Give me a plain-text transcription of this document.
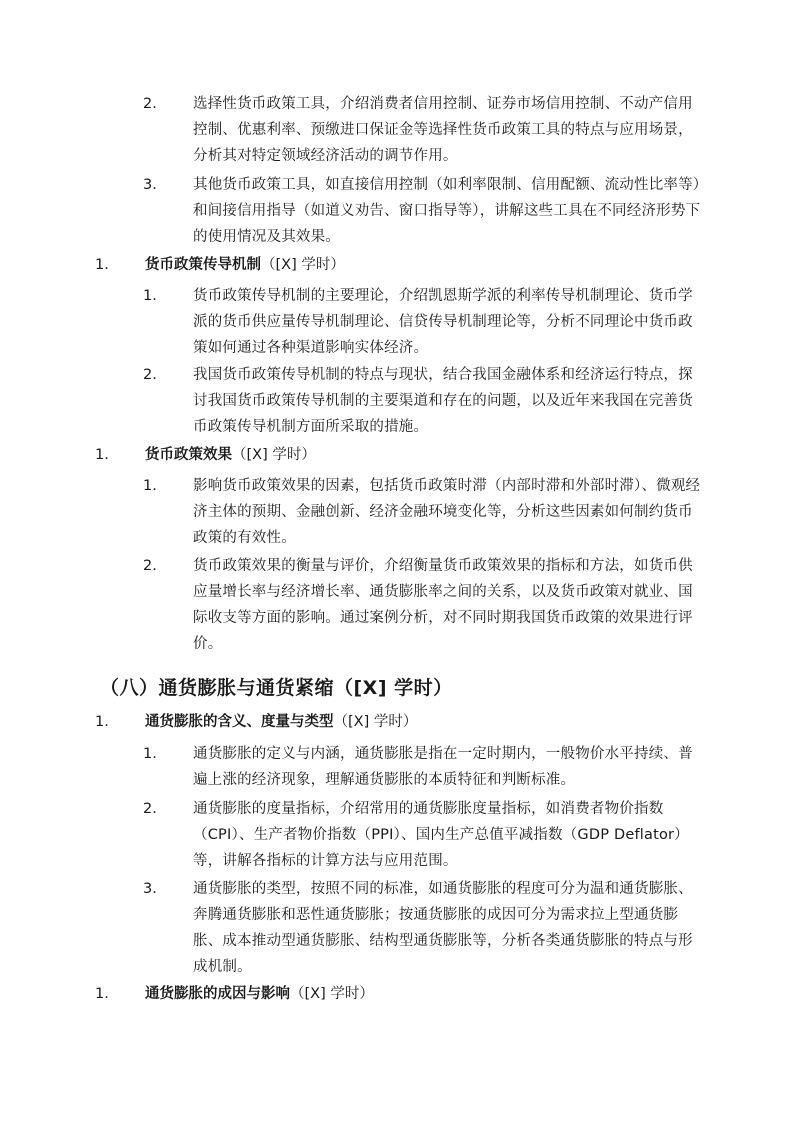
2. 选择性货币政策工具，介绍消费者信用控制、证券市场信用控制、不动产信用控制、优惠利率、预缴进口保证金等选择性货币政策工具的特点与应用场景，分析其对特定领域经济活动的调节作用。
3. 其他货币政策工具，如直接信用控制（如利率限制、信用配额、流动性比率等）和间接信用指导（如道义劝告、窗口指导等），讲解这些工具在不同经济形势下的使用情况及其效果。
1. 货币政策传导机制（[X] 学时）
1. 货币政策传导机制的主要理论，介绍凯恩斯学派的利率传导机制理论、货币学派的货币供应量传导机制理论、信贷传导机制理论等，分析不同理论中货币政策如何通过各种渠道影响实体经济。
2. 我国货币政策传导机制的特点与现状，结合我国金融体系和经济运行特点，探讨我国货币政策传导机制的主要渠道和存在的问题，以及近年来我国在完善货币政策传导机制方面所采取的措施。
1. 货币政策效果（[X] 学时）
1. 影响货币政策效果的因素，包括货币政策时滞（内部时滞和外部时滞）、微观经济主体的预期、金融创新、经济金融环境变化等，分析这些因素如何制约货币政策的有效性。
2. 货币政策效果的衡量与评价，介绍衡量货币政策效果的指标和方法，如货币供应量增长率与经济增长率、通货膨胀率之间的关系，以及货币政策对就业、国际收支等方面的影响。通过案例分析，对不同时期我国货币政策的效果进行评价。
（八）通货膨胀与通货紧缩（[X] 学时）
1. 通货膨胀的含义、度量与类型（[X] 学时）
1. 通货膨胀的定义与内涵，通货膨胀是指在一定时期内，一般物价水平持续、普遍上涨的经济现象，理解通货膨胀的本质特征和判断标准。
2. 通货膨胀的度量指标，介绍常用的通货膨胀度量指标，如消费者物价指数（CPI）、生产者物价指数（PPI）、国内生产总值平减指数（GDP Deflator）等，讲解各指标的计算方法与应用范围。
3. 通货膨胀的类型，按照不同的标准，如通货膨胀的程度可分为温和通货膨胀、奔腾通货膨胀和恶性通货膨胀；按通货膨胀的成因可分为需求拉上型通货膨胀、成本推动型通货膨胀、结构型通货膨胀等，分析各类通货膨胀的特点与形成机制。
1. 通货膨胀的成因与影响（[X] 学时）
